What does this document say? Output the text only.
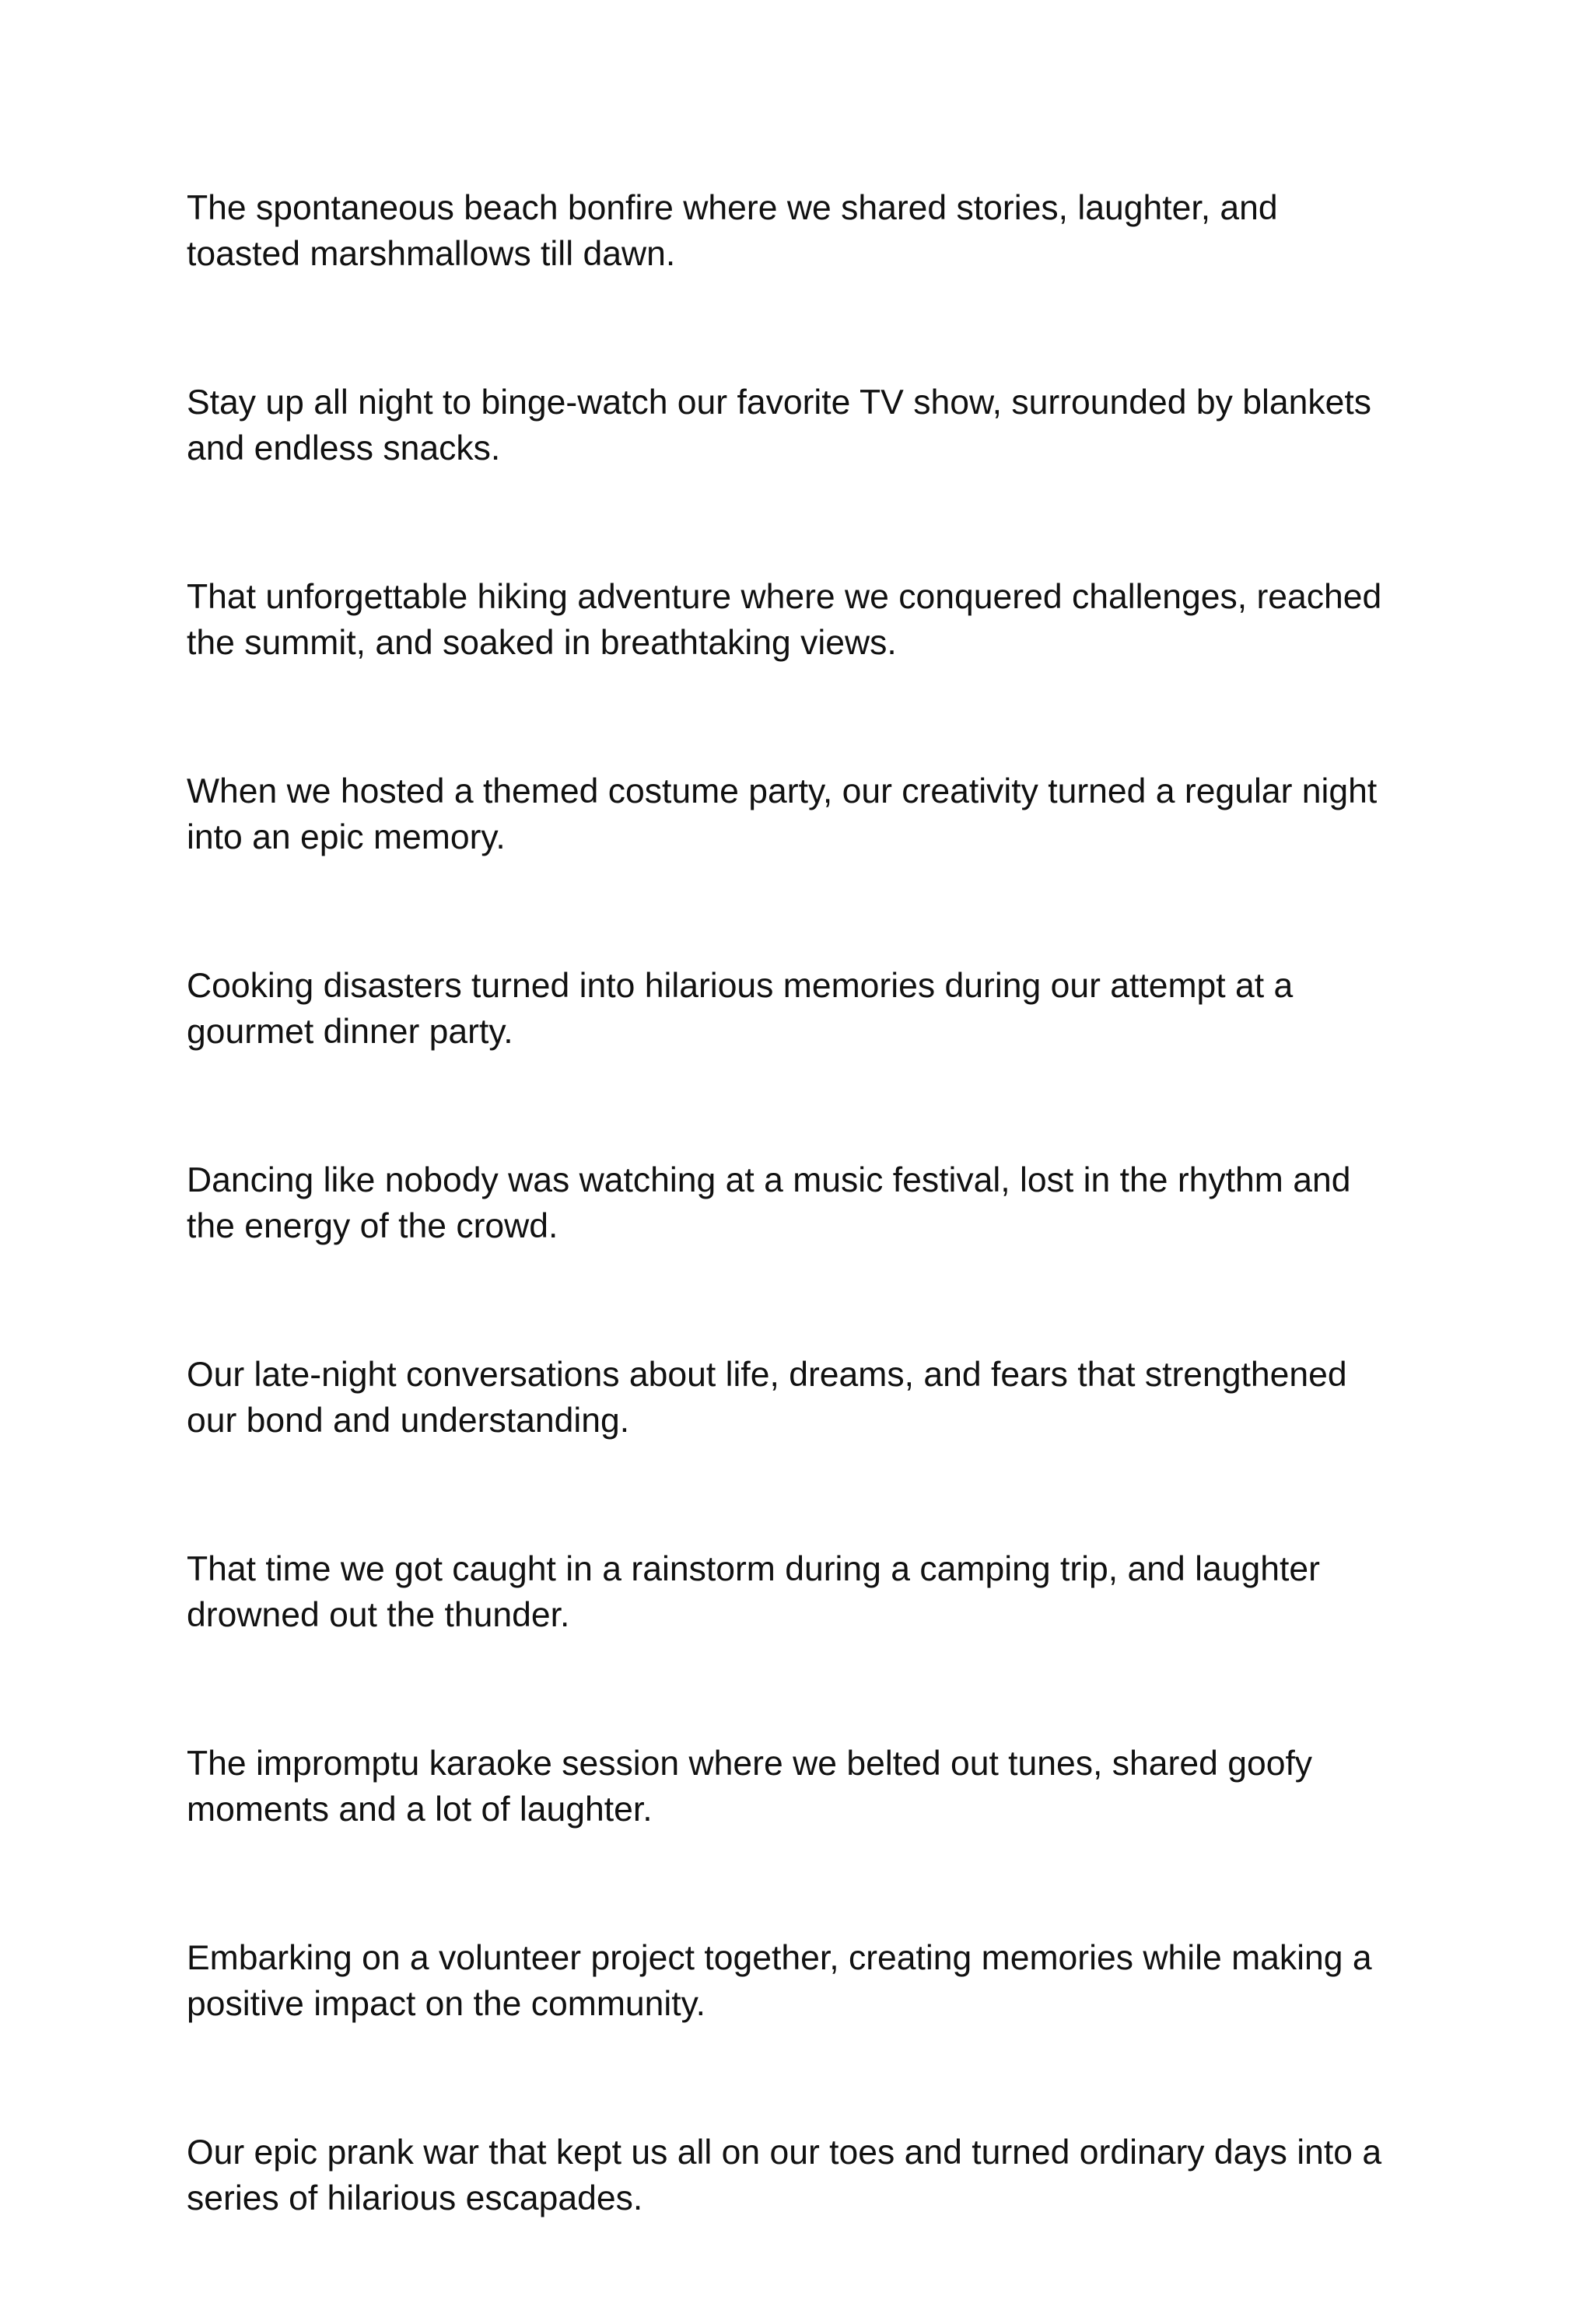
The spontaneous beach bonfire where we shared stories, laughter, and
toasted marshmallows till dawn.

Stay up all night to binge-watch our favorite TV show, surrounded by blankets
and endless snacks.

That unforgettable hiking adventure where we conquered challenges, reached
the summit, and soaked in breathtaking views.

When we hosted a themed costume party, our creativity turned a regular night
into an epic memory.

Cooking disasters turned into hilarious memories during our attempt at a
gourmet dinner party.

Dancing like nobody was watching at a music festival, lost in the rhythm and
the energy of the crowd.

Our late-night conversations about life, dreams, and fears that strengthened
our bond and understanding.

That time we got caught in a rainstorm during a camping trip, and laughter
drowned out the thunder.

The impromptu karaoke session where we belted out tunes, shared goofy
moments and a lot of laughter.

Embarking on a volunteer project together, creating memories while making a
positive impact on the community.

Our epic prank war that kept us all on our toes and turned ordinary days into a
series of hilarious escapades.
